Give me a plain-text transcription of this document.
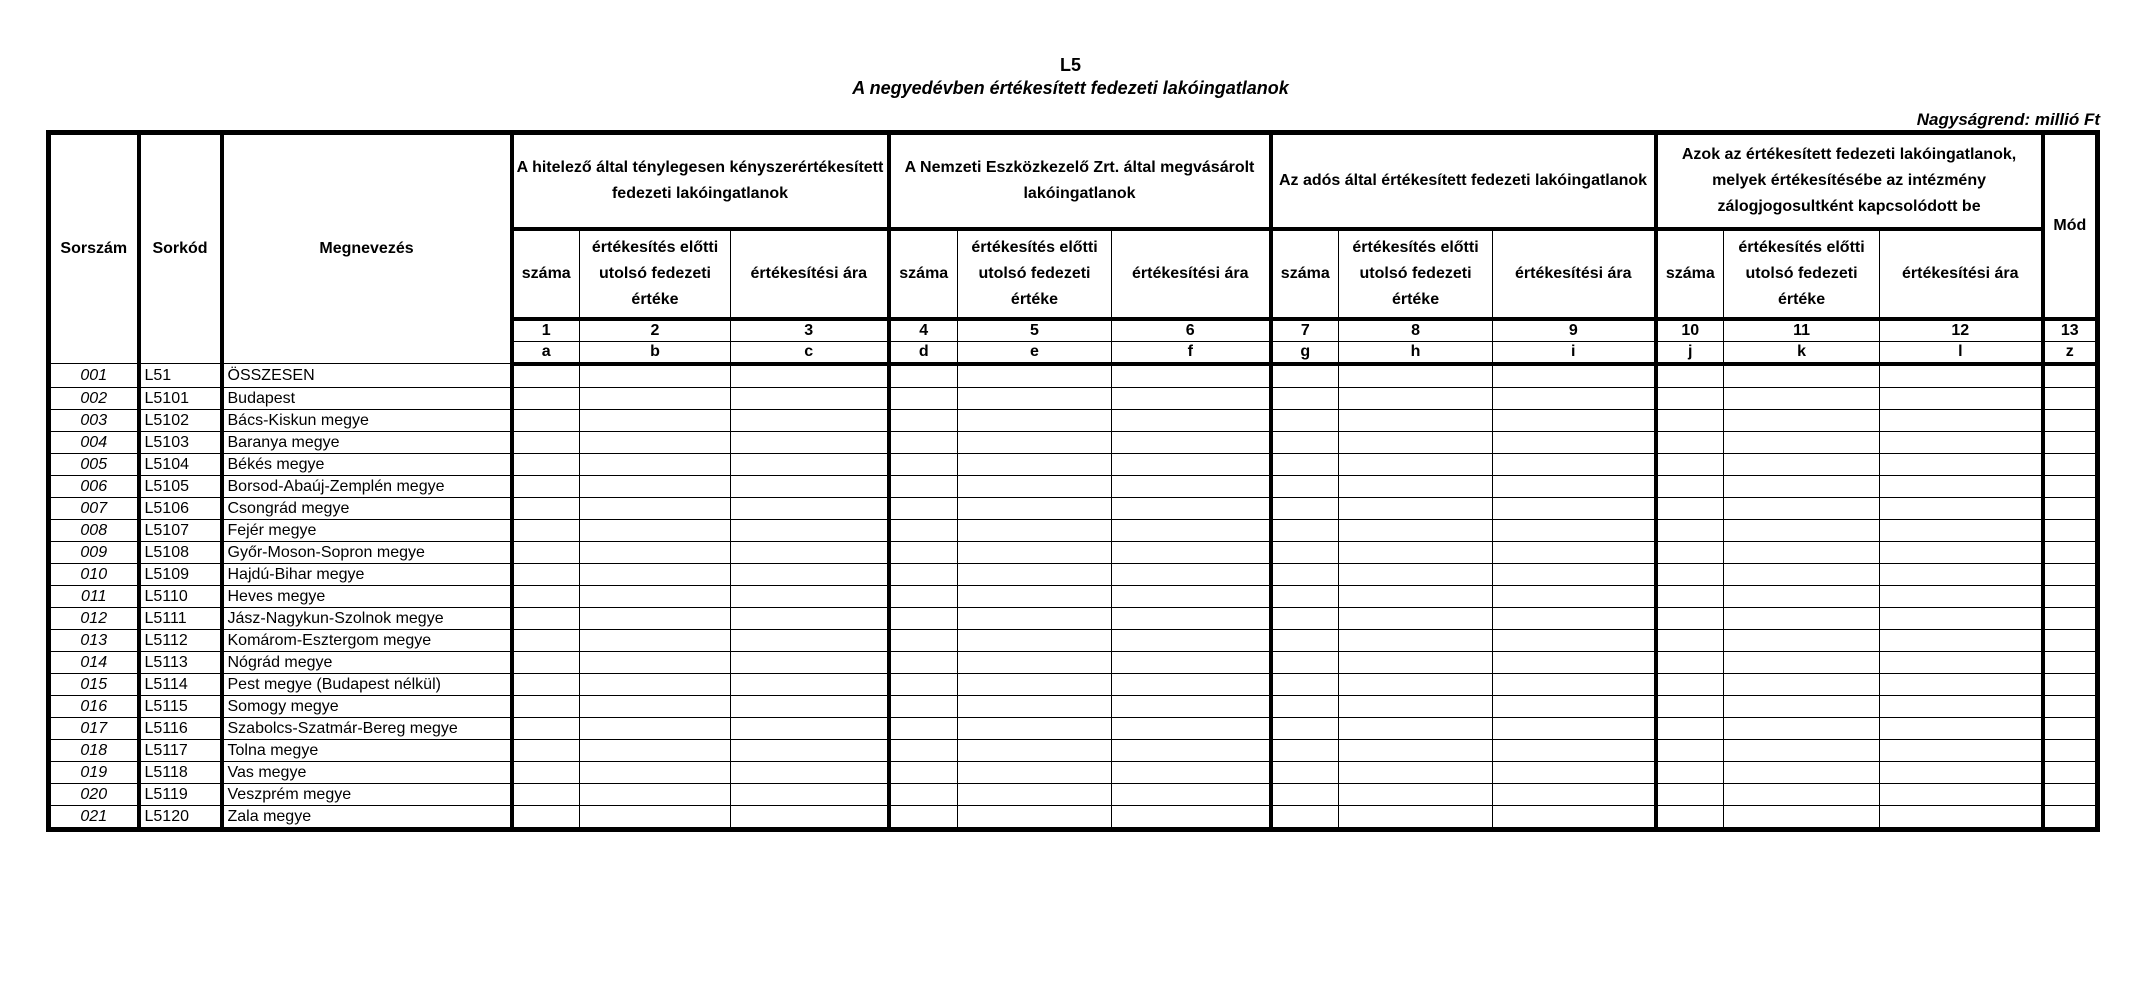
L5
A negyedévben értékesített fedezeti lakóingatlanok
Nagyságrend: millió Ft
Sorszám	Sorkód	Megnevezés	A hitelező által ténylegesen kényszerértékesített fedezeti lakóingatlanok			A Nemzeti Eszközkezelő Zrt. által megvásárolt lakóingatlanok			Az adós által értékesített fedezeti lakóingatlanok			Azok az értékesített fedezeti lakóingatlanok, melyek értékesítésébe az intézmény zálogjogosultként kapcsolódott be			Mód
			száma	értékesítés előtti utolsó fedezeti értéke	értékesítési ára	száma	értékesítés előtti utolsó fedezeti értéke	értékesítési ára	száma	értékesítés előtti utolsó fedezeti értéke	értékesítési ára	száma	értékesítés előtti utolsó fedezeti értéke	értékesítési ára	
			1	2	3	4	5	6	7	8	9	10	11	12	13
			a	b	c	d	e	f	g	h	i	j	k	l	z
001	L51	ÖSSZESEN													
002	L5101	Budapest													
003	L5102	Bács-Kiskun megye													
004	L5103	Baranya megye													
005	L5104	Békés megye													
006	L5105	Borsod-Abaúj-Zemplén megye													
007	L5106	Csongrád megye													
008	L5107	Fejér megye													
009	L5108	Győr-Moson-Sopron megye													
010	L5109	Hajdú-Bihar megye													
011	L5110	Heves megye													
012	L5111	Jász-Nagykun-Szolnok megye													
013	L5112	Komárom-Esztergom megye													
014	L5113	Nógrád megye													
015	L5114	Pest megye (Budapest nélkül)													
016	L5115	Somogy megye													
017	L5116	Szabolcs-Szatmár-Bereg megye													
018	L5117	Tolna megye													
019	L5118	Vas megye													
020	L5119	Veszprém megye													
021	L5120	Zala megye													
